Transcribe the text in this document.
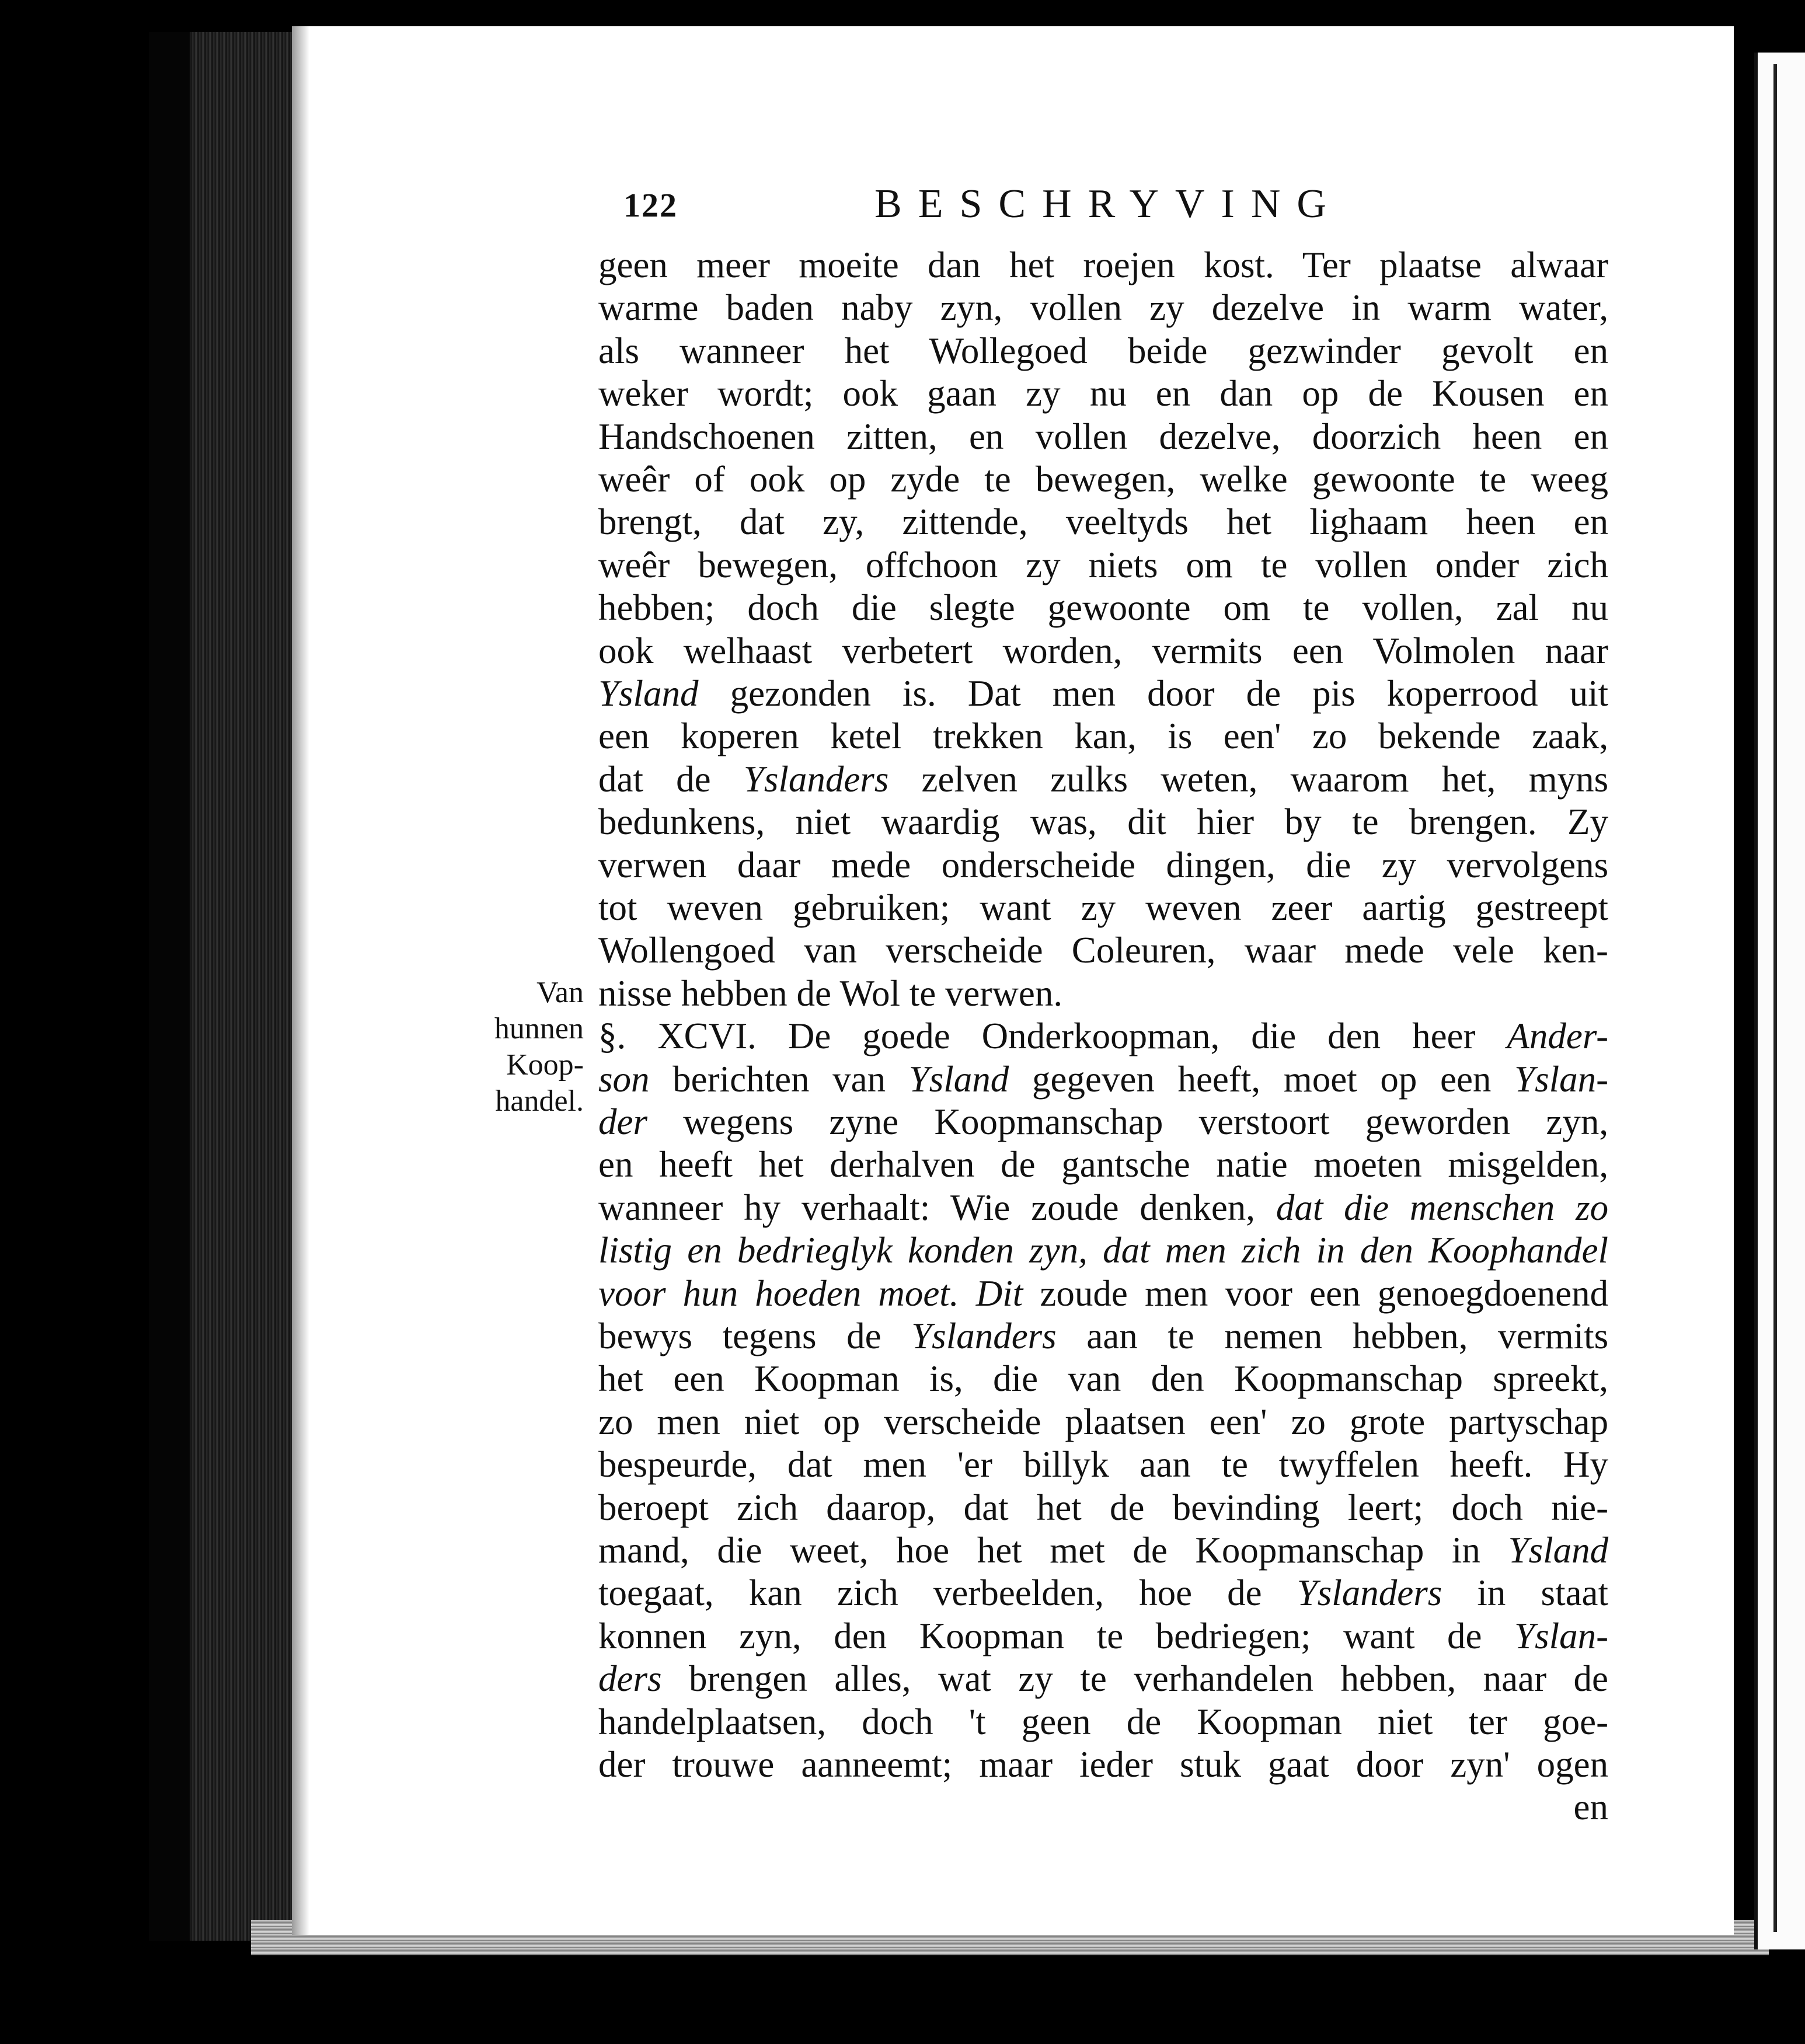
122	BESCHRYVING
Van
hunnen
Koop-
handel.
geen meer moeite dan het roejen kost. Ter plaatse alwaar
warme baden naby zyn, vollen zy dezelve in warm water,
als wanneer het Wollegoed beide gezwinder gevolt en
weker wordt; ook gaan zy nu en dan op de Kousen en
Handschoenen zitten, en vollen dezelve, doorzich heen en
weêr of ook op zyde te bewegen, welke gewoonte te weeg
brengt, dat zy, zittende, veeltyds het lighaam heen en
weêr bewegen, offchoon zy niets om te vollen onder zich
hebben; doch die slegte gewoonte om te vollen, zal nu
ook welhaast verbetert worden, vermits een Volmolen naar
Ysland gezonden is. Dat men door de pis koperrood uit
een koperen ketel trekken kan, is een' zo bekende zaak,
dat de Yslanders zelven zulks weten, waarom het, myns
bedunkens, niet waardig was, dit hier by te brengen. Zy
verwen daar mede onderscheide dingen, die zy vervolgens
tot weven gebruiken; want zy weven zeer aartig gestreept
Wollengoed van verscheide Coleuren, waar mede vele ken-
nisse hebben de Wol te verwen.
§. XCVI. De goede Onderkoopman, die den heer Ander-
son berichten van Ysland gegeven heeft, moet op een Yslan-
der wegens zyne Koopmanschap verstoort geworden zyn,
en heeft het derhalven de gantsche natie moeten misgelden,
wanneer hy verhaalt: Wie zoude denken, dat die menschen zo
listig en bedrieglyk konden zyn, dat men zich in den Koophandel
voor hun hoeden moet. Dit zoude men voor een genoegdoenend
bewys tegens de Yslanders aan te nemen hebben, vermits
het een Koopman is, die van den Koopmanschap spreekt,
zo men niet op verscheide plaatsen een' zo grote partyschap
bespeurde, dat men 'er billyk aan te twyffelen heeft. Hy
beroept zich daarop, dat het de bevinding leert; doch nie-
mand, die weet, hoe het met de Koopmanschap in Ysland
toegaat, kan zich verbeelden, hoe de Yslanders in staat
konnen zyn, den Koopman te bedriegen; want de Yslan-
ders brengen alles, wat zy te verhandelen hebben, naar de
handelplaatsen, doch 't geen de Koopman niet ter goe-
der trouwe aanneemt; maar ieder stuk gaat door zyn' ogen
en
